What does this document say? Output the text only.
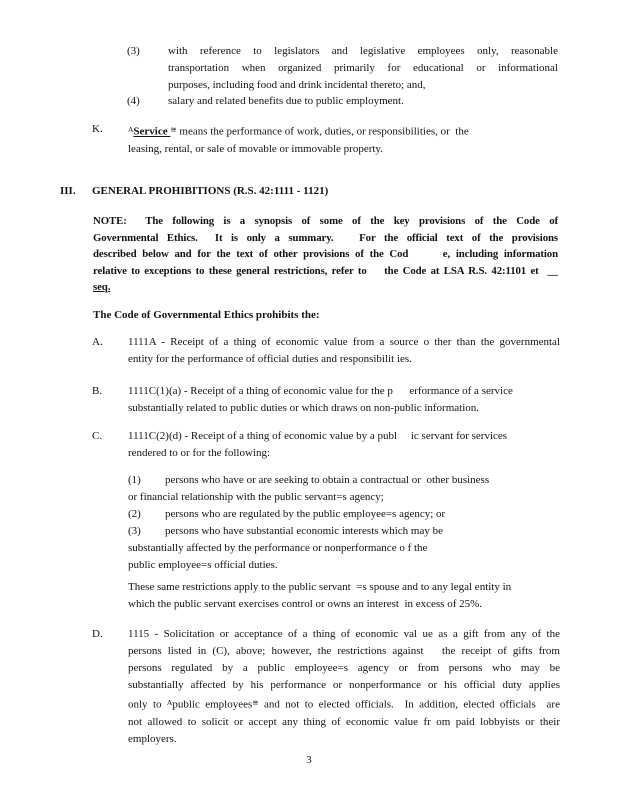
(3)	with reference to legislators and legislative employees only, reasonable
transportation when organized primarily for educational or informational
purposes, including food and drink incidental thereto; and,
(4)	salary and related benefits due to public employment.
K.	$^A$Service ≅ means the performance of work, duties, or responsibilities, or  the
leasing, rental, or sale of movable or immovable property.
III.	GENERAL PROHIBITIONS (R.S. 42:1111 - 1121)
NOTE:  The following is a synopsis of some of the key provisions of the Code of
Governmental Ethics.  It is only a summary.   For the official text of the provisions
described below and for the text of other provisions of the Cod      e, including information
relative to exceptions to these general restrictions, refer to    the Code at LSA R.S. 42:1101 et  __
seq.
The Code of Governmental Ethics prohibits the:
A.	1111A - Receipt of a thing of economic value from a source o ther than the governmental
entity for the performance of official duties and responsibilit ies.
B.	1111C(1)(a) - Receipt of a thing of economic value for the p      erformance of a service
substantially related to public duties or which draws on non-public information.
C.	1111C(2)(d) - Receipt of a thing of economic value by a publ     ic servant for services
rendered to or for the following:
(1) persons who have or are seeking to obtain a contractual or  other business
or financial relationship with the public servant=s agency;
(2) persons who are regulated by the public employee=s agency; or
(3) persons who have substantial economic interests which may be
substantially affected by the performance or nonperformance o f the
public employee=s official duties.
These same restrictions apply to the public servant  =s spouse and to any legal entity in
which the public servant exercises control or owns an interest  in excess of 25%.
D.	1115 - Solicitation or acceptance of a thing of economic val ue as a gift from any of the
persons listed in (C), above; however, the restrictions against   the receipt of gifts from
persons regulated by a public employee=s agency or from persons who may be
substantially affected by his performance or nonperformance or his official duty applies
only to $^A$public employees≅ and not to elected officials.  In addition, elected officials  are
not allowed to solicit or accept any thing of economic value fr om paid lobbyists or their
employers.
3
